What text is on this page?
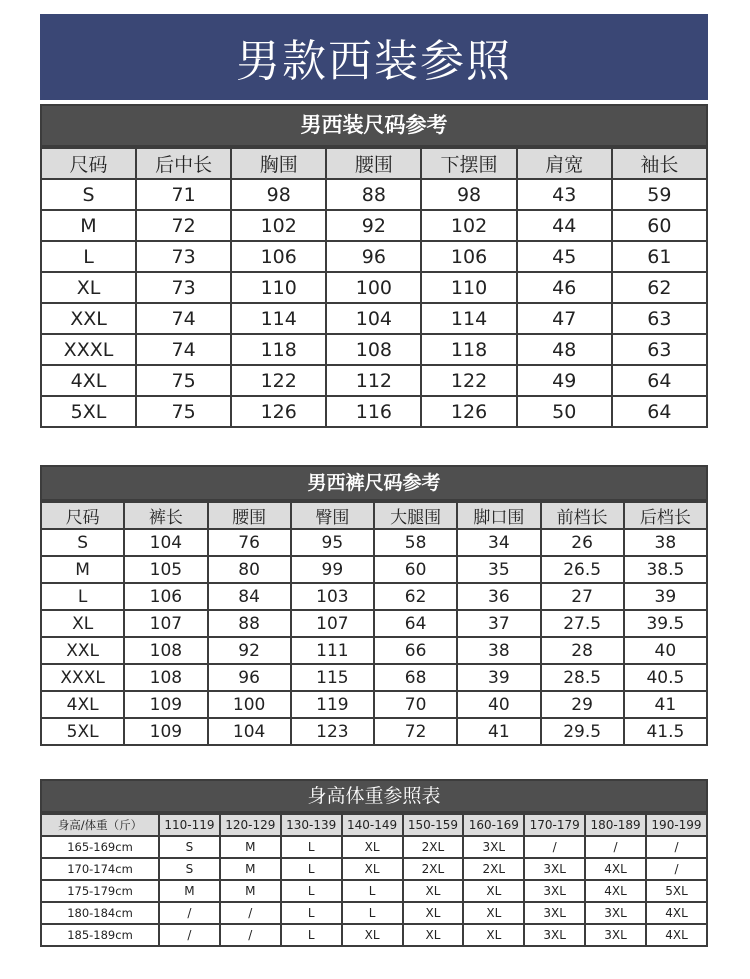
男款西装参照
男西装尺码参考
尺码	后中长	胸围	腰围	下摆围	肩宽	袖长
S	71	98	88	98	43	59
M	72	102	92	102	44	60
L	73	106	96	106	45	61
XL	73	110	100	110	46	62
XXL	74	114	104	114	47	63
XXXL	74	118	108	118	48	63
4XL	75	122	112	122	49	64
5XL	75	126	116	126	50	64
男西裤尺码参考
尺码	裤长	腰围	臀围	大腿围	脚口围	前档长	后档长
S	104	76	95	58	34	26	38
M	105	80	99	60	35	26.5	38.5
L	106	84	103	62	36	27	39
XL	107	88	107	64	37	27.5	39.5
XXL	108	92	111	66	38	28	40
XXXL	108	96	115	68	39	28.5	40.5
4XL	109	100	119	70	40	29	41
5XL	109	104	123	72	41	29.5	41.5
身高体重参照表
身高/体重（斤）	110-119	120-129	130-139	140-149	150-159	160-169	170-179	180-189	190-199
165-169cm	S	M	L	XL	2XL	3XL	/	/	/
170-174cm	S	M	L	XL	2XL	2XL	3XL	4XL	/
175-179cm	M	M	L	L	XL	XL	3XL	4XL	5XL
180-184cm	/	/	L	L	XL	XL	3XL	3XL	4XL
185-189cm	/	/	L	XL	XL	XL	3XL	3XL	4XL
